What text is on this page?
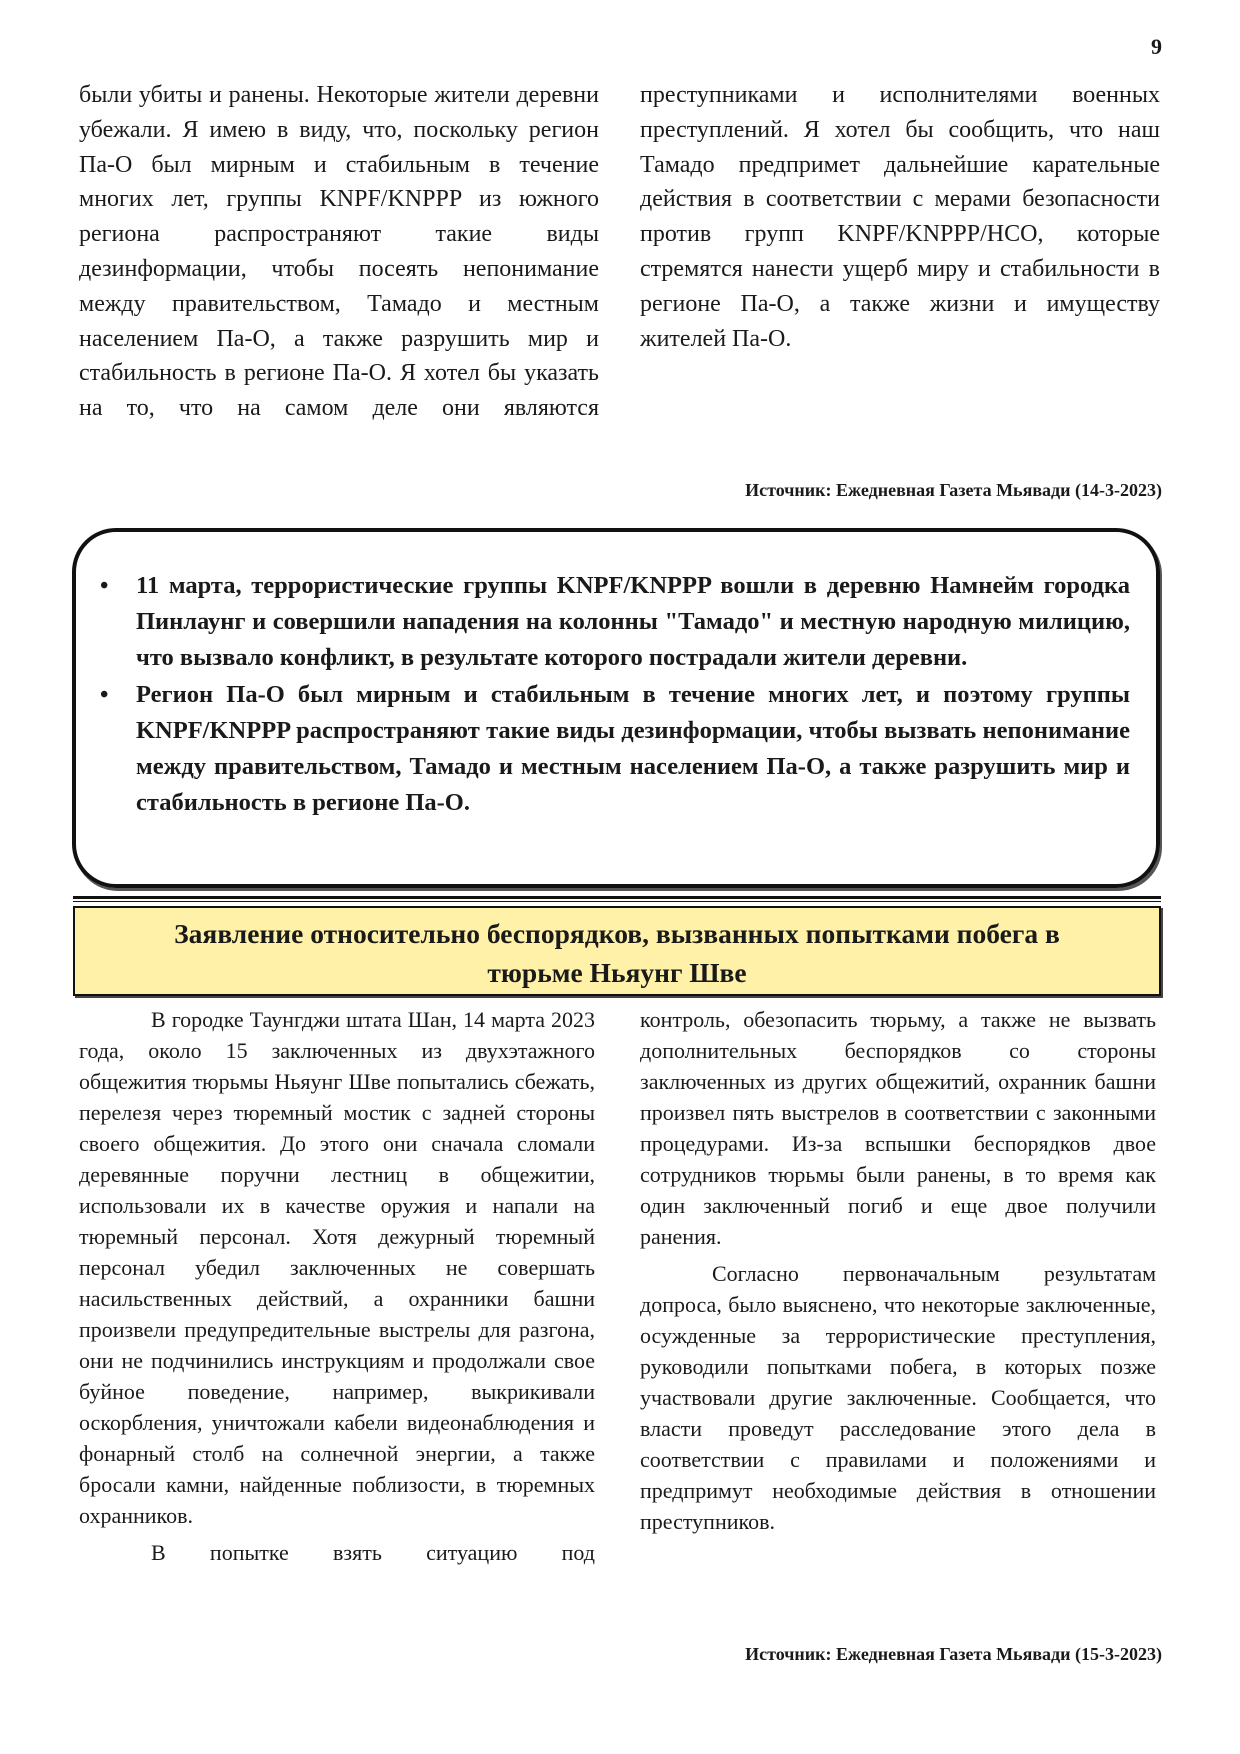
9
были убиты и ранены. Некоторые жители деревни убежали. Я имею в виду, что, поскольку регион Па-О был мирным и стабильным в течение многих лет, группы KNPF/KNPPP из южного региона распространяют такие виды дезинформации, чтобы посеять непонимание между правительством, Тамадо и местным населением Па-О, а также разрушить мир и стабильность в регионе Па-О. Я хотел бы указать на то, что на самом деле они являются
преступниками и исполнителями военных преступлений. Я хотел бы сообщить, что наш Тамадо предпримет дальнейшие карательные действия в соответствии с мерами безопасности против групп KNPF/KNPPP/НСО, которые стремятся нанести ущерб миру и стабильности в регионе Па-О, а также жизни и имуществу жителей Па-О.
Источник: Ежедневная Газета Мьявади (14-3-2023)
• 11 марта, террористические группы KNPF/KNPPP вошли в деревню Намнейм городка Пинлаунг и совершили нападения на колонны "Тамадо" и местную народную милицию, что вызвало конфликт, в результате которого пострадали жители деревни.
• Регион Па-О был мирным и стабильным в течение многих лет, и поэтому группы KNPF/KNPPP распространяют такие виды дезинформации, чтобы вызвать непонимание между правительством, Тамадо и местным населением Па-О, а также разрушить мир и стабильность в регионе Па-О.
Заявление относительно беспорядков, вызванных попытками побега в
тюрьме Ньяунг Шве

В городке Таунгджи штата Шан, 14 марта 2023 года, около 15 заключенных из двухэтажного общежития тюрьмы Ньяунг Шве попытались сбежать, перелезя через тюремный мостик с задней стороны своего общежития. До этого они сначала сломали деревянные поручни лестниц в общежитии, использовали их в качестве оружия и напали на тюремный персонал. Хотя дежурный тюремный персонал убедил заключенных не совершать насильственных действий, а охранники башни произвели предупредительные выстрелы для разгона, они не подчинились инструкциям и продолжали свое буйное поведение, например, выкрикивали оскорбления, уничтожали кабели видеонаблюдения и фонарный столб на солнечной энергии, а также бросали камни, найденные поблизости, в тюремных охранников.

В попытке взять ситуацию под

контроль, обезопасить тюрьму, а также не вызвать дополнительных беспорядков со стороны заключенных из других общежитий, охранник башни произвел пять выстрелов в соответствии с законными процедурами. Из-за вспышки беспорядков двое сотрудников тюрьмы были ранены, в то время как один заключенный погиб и еще двое получили ранения.

Согласно первоначальным результатам допроса, было выяснено, что некоторые заключенные, осужденные за террористические преступления, руководили попытками побега, в которых позже участвовали другие заключенные. Сообщается, что власти проведут расследование этого дела в соответствии с правилами и положениями и предпримут необходимые действия в отношении преступников.

Источник: Ежедневная Газета Мьявади (15-3-2023)
